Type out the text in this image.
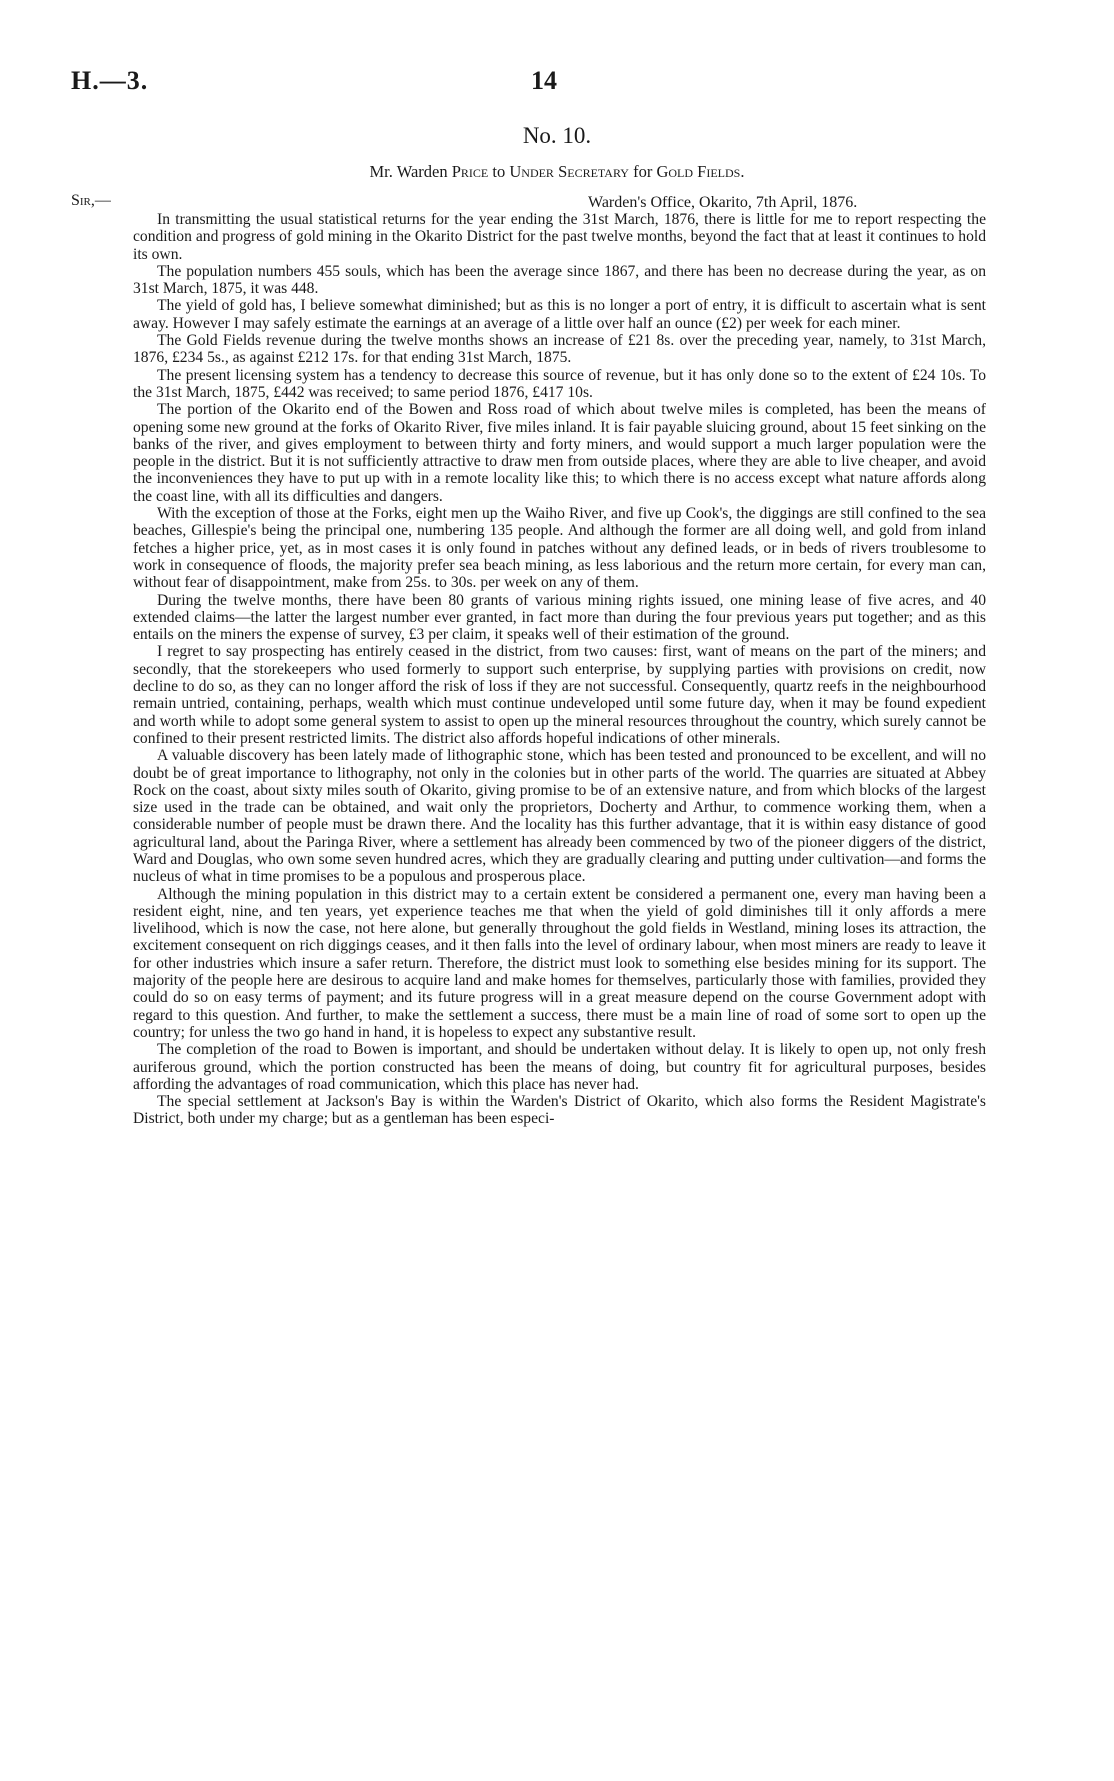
H.—3.	14
No. 10.
Mr. Warden Price to Under Secretary for Gold Fields.
Sir,—	Warden's Office, Okarito, 7th April, 1876.

In transmitting the usual statistical returns for the year ending the 31st March, 1876, there is little for me to report respecting the condition and progress of gold mining in the Okarito District for the past twelve months, beyond the fact that at least it continues to hold its own.

The population numbers 455 souls, which has been the average since 1867, and there has been no decrease during the year, as on 31st March, 1875, it was 448.

The yield of gold has, I believe somewhat diminished; but as this is no longer a port of entry, it is difficult to ascertain what is sent away. However I may safely estimate the earnings at an average of a little over half an ounce (£2) per week for each miner.

The Gold Fields revenue during the twelve months shows an increase of £21 8s. over the preceding year, namely, to 31st March, 1876, £234 5s., as against £212 17s. for that ending 31st March, 1875.

The present licensing system has a tendency to decrease this source of revenue, but it has only done so to the extent of £24 10s. To the 31st March, 1875, £442 was received; to same period 1876, £417 10s.

The portion of the Okarito end of the Bowen and Ross road of which about twelve miles is completed, has been the means of opening some new ground at the forks of Okarito River, five miles inland. It is fair payable sluicing ground, about 15 feet sinking on the banks of the river, and gives employment to between thirty and forty miners, and would support a much larger population were the people in the district. But it is not sufficiently attractive to draw men from outside places, where they are able to live cheaper, and avoid the inconveniences they have to put up with in a remote locality like this; to which there is no access except what nature affords along the coast line, with all its difficulties and dangers.

With the exception of those at the Forks, eight men up the Waiho River, and five up Cook's, the diggings are still confined to the sea beaches, Gillespie's being the principal one, numbering 135 people. And although the former are all doing well, and gold from inland fetches a higher price, yet, as in most cases it is only found in patches without any defined leads, or in beds of rivers troublesome to work in consequence of floods, the majority prefer sea beach mining, as less laborious and the return more certain, for every man can, without fear of disappointment, make from 25s. to 30s. per week on any of them.

During the twelve months, there have been 80 grants of various mining rights issued, one mining lease of five acres, and 40 extended claims—the latter the largest number ever granted, in fact more than during the four previous years put together; and as this entails on the miners the expense of survey, £3 per claim, it speaks well of their estimation of the ground.

I regret to say prospecting has entirely ceased in the district, from two causes: first, want of means on the part of the miners; and secondly, that the storekeepers who used formerly to support such enterprise, by supplying parties with provisions on credit, now decline to do so, as they can no longer afford the risk of loss if they are not successful. Consequently, quartz reefs in the neighbourhood remain untried, containing, perhaps, wealth which must continue undeveloped until some future day, when it may be found expedient and worth while to adopt some general system to assist to open up the mineral resources throughout the country, which surely cannot be confined to their present restricted limits. The district also affords hopeful indications of other minerals.

A valuable discovery has been lately made of lithographic stone, which has been tested and pronounced to be excellent, and will no doubt be of great importance to lithography, not only in the colonies but in other parts of the world. The quarries are situated at Abbey Rock on the coast, about sixty miles south of Okarito, giving promise to be of an extensive nature, and from which blocks of the largest size used in the trade can be obtained, and wait only the proprietors, Docherty and Arthur, to commence working them, when a considerable number of people must be drawn there. And the locality has this further advantage, that it is within easy distance of good agricultural land, about the Paringa River, where a settlement has already been commenced by two of the pioneer diggers of the district, Ward and Douglas, who own some seven hundred acres, which they are gradually clearing and putting under cultivation—and forms the nucleus of what in time promises to be a populous and prosperous place.

Although the mining population in this district may to a certain extent be considered a permanent one, every man having been a resident eight, nine, and ten years, yet experience teaches me that when the yield of gold diminishes till it only affords a mere livelihood, which is now the case, not here alone, but generally throughout the gold fields in Westland, mining loses its attraction, the excitement consequent on rich diggings ceases, and it then falls into the level of ordinary labour, when most miners are ready to leave it for other industries which insure a safer return. Therefore, the district must look to something else besides mining for its support. The majority of the people here are desirous to acquire land and make homes for themselves, particularly those with families, provided they could do so on easy terms of payment; and its future progress will in a great measure depend on the course Government adopt with regard to this question. And further, to make the settlement a success, there must be a main line of road of some sort to open up the country; for unless the two go hand in hand, it is hopeless to expect any substantive result.

The completion of the road to Bowen is important, and should be undertaken without delay. It is likely to open up, not only fresh auriferous ground, which the portion constructed has been the means of doing, but country fit for agricultural purposes, besides affording the advantages of road communication, which this place has never had.

The special settlement at Jackson's Bay is within the Warden's District of Okarito, which also forms the Resident Magistrate's District, both under my charge; but as a gentleman has been especi-
